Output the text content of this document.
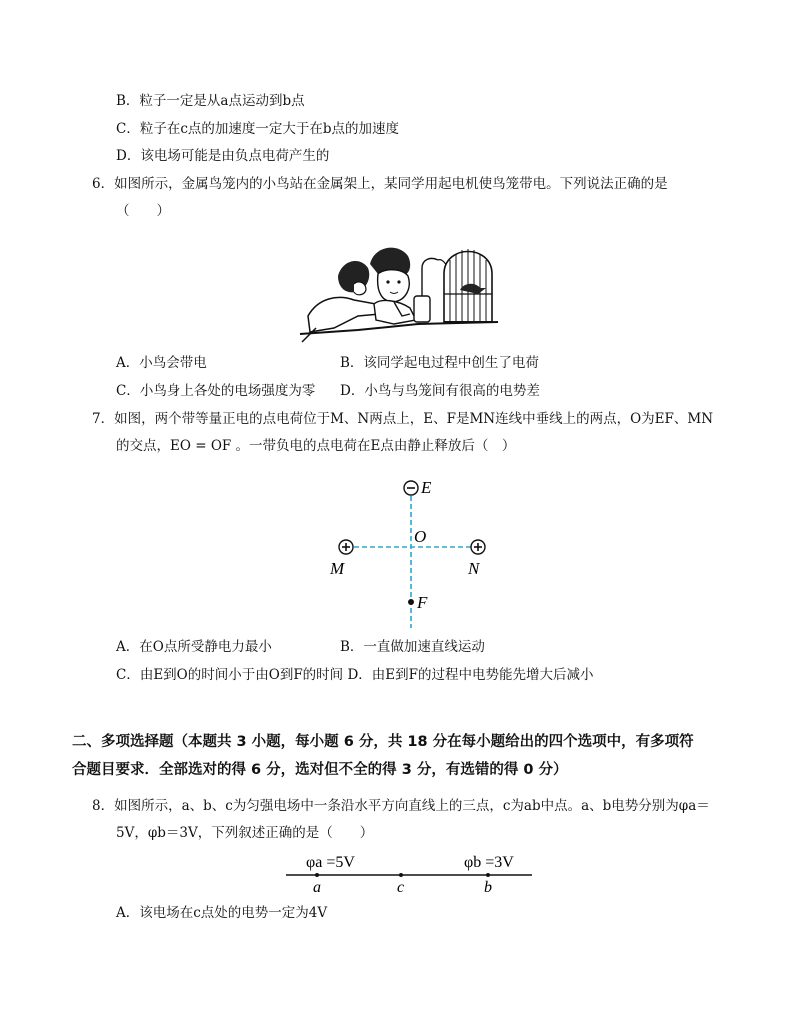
B．粒子一定是从a点运动到b点
C．粒子在c点的加速度一定大于在b点的加速度
D．该电场可能是由负点电荷产生的
6．如图所示，金属鸟笼内的小鸟站在金属架上，某同学用起电机使鸟笼带电。下列说法正确的是
（　　）
A．小鸟会带电	B．该同学起电过程中创生了电荷
C．小鸟身上各处的电场强度为零 D．小鸟与鸟笼间有很高的电势差
7．如图，两个带等量正电的点电荷位于M、N两点上，E、F是MN连线中垂线上的两点，O为EF、MN
的交点，EO = OF 。一带负电的点电荷在E点由静止释放后（　）
E
O
M	N
F
A．在O点所受静电力最小	B．一直做加速直线运动
C．由E到O的时间小于由O到F的时间 D．由E到F的过程中电势能先增大后减小
二、多项选择题（本题共 3 小题，每小题 6 分，共 18 分在每小题给出的四个选项中，有多项符
合题目要求．全部选对的得 6 分，选对但不全的得 3 分，有选错的得 0 分）
8．如图所示，a、b、c为匀强电场中一条沿水平方向直线上的三点，c为ab中点。a、b电势分别为φa＝
5V，φb＝3V，下列叙述正确的是（　　）
φa =5V	φb =3V
a	c	b
A．该电场在c点处的电势一定为4V
